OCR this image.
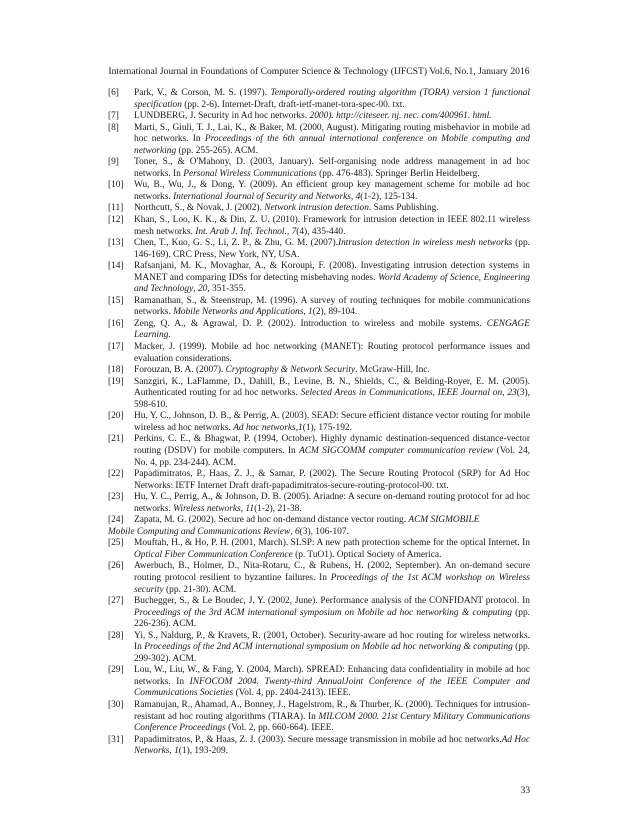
International Journal in Foundations of Computer Science & Technology (IJFCST) Vol.6, No.1, January 2016
[6] Park, V., & Corson, M. S. (1997). Temporally-ordered routing algorithm (TORA) version 1 functional specification (pp. 2-6). Internet-Draft, draft-ietf-manet-tora-spec-00. txt.
[7] LUNDBERG, J. Security in Ad hoc networks. 2000). http://citeseer. nj. nec. com/400961. html.
[8] Marti, S., Giuli, T. J., Lai, K., & Baker, M. (2000, August). Mitigating routing misbehavior in mobile ad hoc networks. In Proceedings of the 6th annual international conference on Mobile computing and networking (pp. 255-265). ACM.
[9] Toner, S., & O'Mahony, D. (2003, January). Self-organising node address management in ad hoc networks. In Personal Wireless Communications (pp. 476-483). Springer Berlin Heidelberg.
[10] Wu, B., Wu, J., & Dong, Y. (2009). An efficient group key management scheme for mobile ad hoc networks. International Journal of Security and Networks, 4(1-2), 125-134.
[11] Northcutt, S., & Novak, J. (2002). Network intrusion detection. Sams Publishing.
[12] Khan, S., Loo, K. K., & Din, Z. U. (2010). Framework for intrusion detection in IEEE 802.11 wireless mesh networks. Int. Arab J. Inf. Technol., 7(4), 435-440.
[13] Chen, T., Kuo, G. S., Li, Z. P., & Zhu, G. M. (2007).Intrusion detection in wireless mesh networks (pp. 146-169). CRC Press, New York, NY, USA.
[14] Rafsanjani, M. K., Movaghar, A., & Koroupi, F. (2008). Investigating intrusion detection systems in MANET and comparing IDSs for detecting misbehaving nodes. World Academy of Science, Engineering and Technology, 20, 351-355.
[15] Ramanathan, S., & Steenstrup, M. (1996). A survey of routing techniques for mobile communications networks. Mobile Networks and Applications, 1(2), 89-104.
[16] Zeng, Q. A., & Agrawal, D. P. (2002). Introduction to wireless and mobile systems. CENGAGE Learning.
[17] Macker, J. (1999). Mobile ad hoc networking (MANET): Routing protocol performance issues and evaluation considerations.
[18] Forouzan, B. A. (2007). Cryptography & Network Security. McGraw-Hill, Inc.
[19] Sanzgiri, K., LaFlamme, D., Dahill, B., Levine, B. N., Shields, C., & Belding-Royer, E. M. (2005). Authenticated routing for ad hoc networks. Selected Areas in Communications, IEEE Journal on, 23(3), 598-610.
[20] Hu, Y. C., Johnson, D. B., & Perrig, A. (2003). SEAD: Secure efficient distance vector routing for mobile wireless ad hoc networks. Ad hoc networks,1(1), 175-192.
[21] Perkins, C. E., & Bhagwat, P. (1994, October). Highly dynamic destination-sequenced distance-vector routing (DSDV) for mobile computers. In ACM SIGCOMM computer communication review (Vol. 24, No. 4, pp. 234-244). ACM.
[22] Papadimitratos, P., Haas, Z. J., & Samar, P. (2002). The Secure Routing Protocol (SRP) for Ad Hoc Networks: IETF Internet Draft draft-papadimitratos-secure-routing-protocol-00. txt.
[23] Hu, Y. C., Perrig, A., & Johnson, D. B. (2005). Ariadne: A secure on-demand routing protocol for ad hoc networks. Wireless networks, 11(1-2), 21-38.
[24] Zapata, M. G. (2002). Secure ad hoc on-demand distance vector routing. ACM SIGMOBILE
Mobile Computing and Communications Review, 6(3), 106-107.
[25] Mouftah, H., & Ho, P. H. (2001, March). SLSP: A new path protection scheme for the optical Internet. In Optical Fiber Communication Conference (p. TuO1). Optical Society of America.
[26] Awerbuch, B., Holmer, D., Nita-Rotaru, C., & Rubens, H. (2002, September). An on-demand secure routing protocol resilient to byzantine failures. In Proceedings of the 1st ACM workshop on Wireless security (pp. 21-30). ACM.
[27] Buchegger, S., & Le Boudec, J. Y. (2002, June). Performance analysis of the CONFIDANT protocol. In Proceedings of the 3rd ACM international symposium on Mobile ad hoc networking & computing (pp. 226-236). ACM.
[28] Yi, S., Naldurg, P., & Kravets, R. (2001, October). Security-aware ad hoc routing for wireless networks. In Proceedings of the 2nd ACM international symposium on Mobile ad hoc networking & computing (pp. 299-302). ACM.
[29] Lou, W., Liu, W., & Fang, Y. (2004, March). SPREAD: Enhancing data confidentiality in mobile ad hoc networks. In INFOCOM 2004. Twenty-third AnnualJoint Conference of the IEEE Computer and Communications Societies (Vol. 4, pp. 2404-2413). IEEE.
[30] Ramanujan, R., Ahamad, A., Bonney, J., Hagelstrom, R., & Thurber, K. (2000). Techniques for intrusion-resistant ad hoc routing algorithms (TIARA). In MILCOM 2000. 21st Century Military Communications Conference Proceedings (Vol. 2, pp. 660-664). IEEE.
[31] Papadimitratos, P., & Haas, Z. J. (2003). Secure message transmission in mobile ad hoc networks.Ad Hoc Networks, 1(1), 193-209.
33
